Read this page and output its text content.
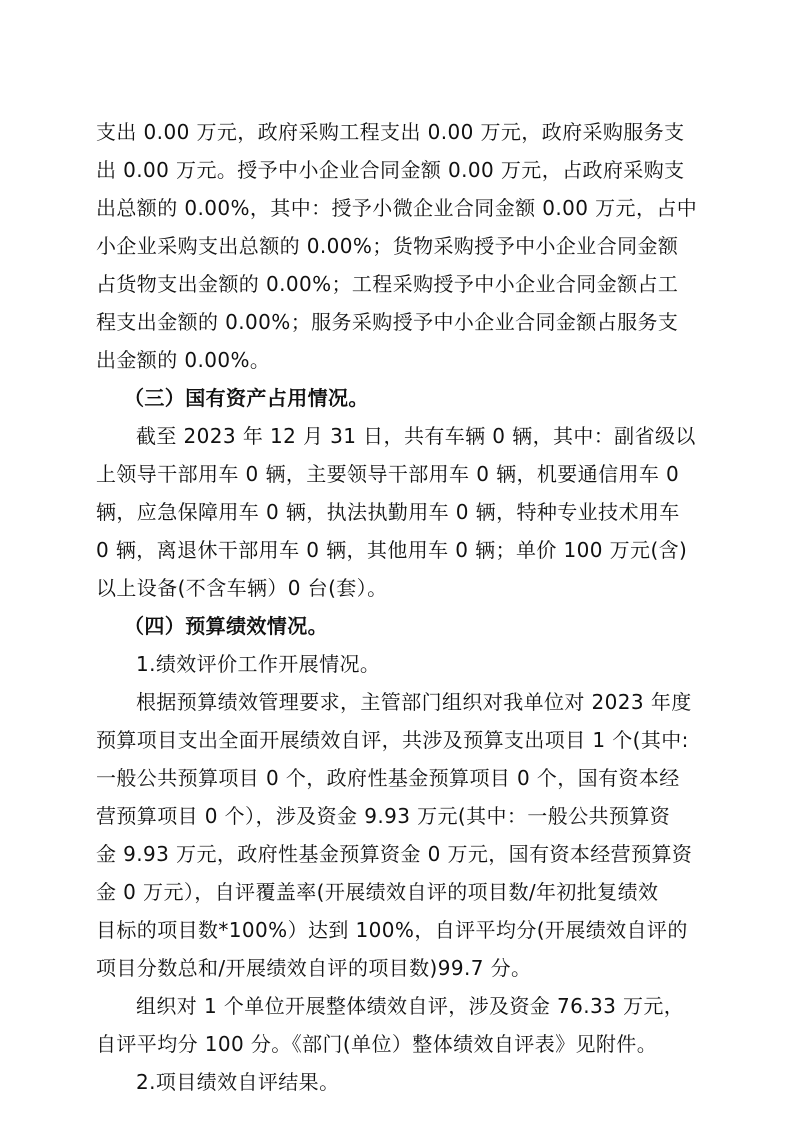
支出 0.00 万元，政府采购工程支出 0.00 万元，政府采购服务支

出 0.00 万元。授予中小企业合同金额 0.00 万元，占政府采购支

出总额的 0.00%，其中：授予小微企业合同金额 0.00 万元，占中

小企业采购支出总额的 0.00%；货物采购授予中小企业合同金额

占货物支出金额的 0.00%；工程采购授予中小企业合同金额占工

程支出金额的 0.00%；服务采购授予中小企业合同金额占服务支

出金额的 0.00%。

（三）国有资产占用情况。

截至 2023 年 12 月 31 日，共有车辆 0 辆，其中：副省级以

上领导干部用车 0 辆，主要领导干部用车 0 辆，机要通信用车 0

辆，应急保障用车 0 辆，执法执勤用车 0 辆，特种专业技术用车

0 辆，离退休干部用车 0 辆，其他用车 0 辆；单价 100 万元(含)

以上设备(不含车辆）0 台(套）。

（四）预算绩效情况。

1.绩效评价工作开展情况。

根据预算绩效管理要求，主管部门组织对我单位对 2023 年度

预算项目支出全面开展绩效自评，共涉及预算支出项目 1 个(其中:

一般公共预算项目 0 个，政府性基金预算项目 0 个，国有资本经

营预算项目 0 个），涉及资金 9.93 万元(其中：一般公共预算资

金 9.93 万元，政府性基金预算资金 0 万元，国有资本经营预算资

金 0 万元），自评覆盖率(开展绩效自评的项目数/年初批复绩效

目标的项目数*100%）达到 100%，自评平均分(开展绩效自评的

项目分数总和/开展绩效自评的项目数)99.7 分。

组织对 1 个单位开展整体绩效自评，涉及资金 76.33 万元，

自评平均分 100 分。《部门(单位）整体绩效自评表》见附件。

2.项目绩效自评结果。
